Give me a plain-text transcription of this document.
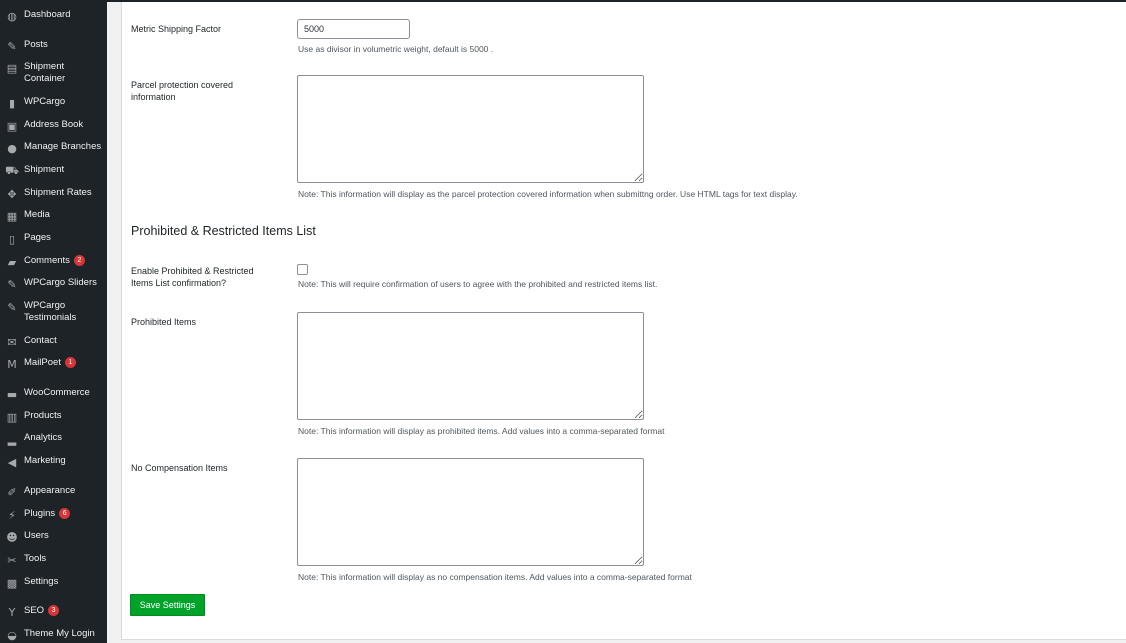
◍ Dashboard
✎ Posts
▤ Shipment Container
▮ WPCargo
▣ Address Book
● Manage Branches
⛟ Shipment
✥ Shipment Rates
▦ Media
▯ Pages
▰ Comments 2
✎ WPCargo Sliders
✎ WPCargo Testimonials
✉ Contact
M MailPoet 1
▬ WooCommerce
▥ Products
▂ Analytics
◀ Marketing
✐ Appearance
⚡ Plugins 6
☻ Users
✂ Tools
▩ Settings
Y SEO 3
◒ Theme My Login
Metric Shipping Factor
5000
Use as divisor in volumetric weight, default is 5000 .
Parcel protection covered information
Note: This information will display as the parcel protection covered information when submittng order. Use HTML tags for text display.
Prohibited & Restricted Items List
Enable Prohibited & Restricted Items List confirmation?	Note: This will require confirmation of users to agree with the prohibited and restricted items list.
Prohibited Items
Note: This information will display as prohibited items. Add values into a comma-separated format
No Compensation Items
Note: This information will display as no compensation items. Add values into a comma-separated format
Save Settings
